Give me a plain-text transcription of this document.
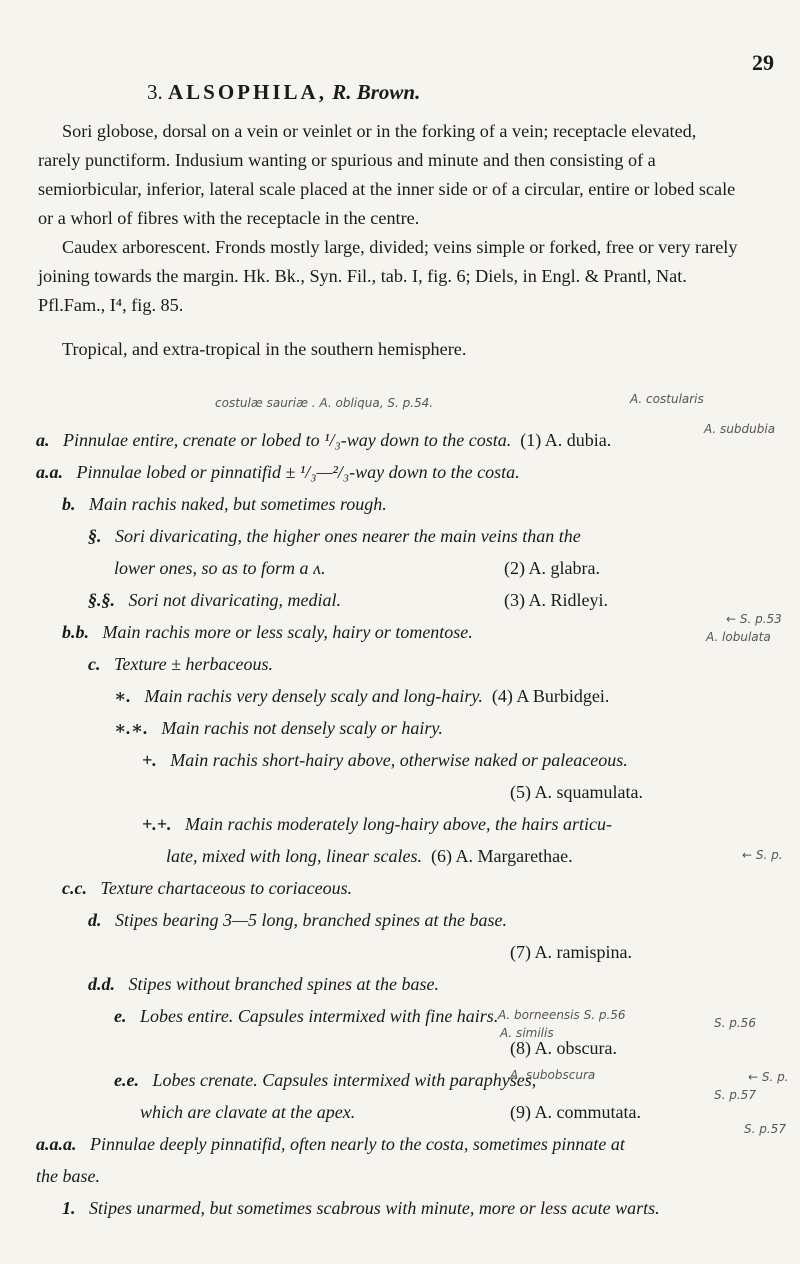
29
3. ALSOPHILA, R. Brown.
Sori globose, dorsal on a vein or veinlet or in the forking of a vein; receptacle elevated, rarely punctiform. Indusium wanting or spurious and minute and then consisting of a semiorbicular, inferior, lateral scale placed at the inner side or of a circular, entire or lobed scale or a whorl of fibres with the receptacle in the centre.
Caudex arborescent. Fronds mostly large, divided; veins simple or forked, free or very rarely joining towards the margin. Hk. Bk., Syn. Fil., tab. I, fig. 6; Diels, in Engl. & Prantl, Nat. Pfl.Fam., I⁴, fig. 85.
Tropical, and extra-tropical in the southern hemisphere.
costulæ sauriæ . A. obliqua, S. p.54.	A. costularis
A. subdubia
← S. p.53
A. lobulata
← S. p.
A. borneensis S. p.56
A. similis
S. p.56
A. subobscura	← S. p.
S. p.57
S. p.57
a. Pinnulae entire, crenate or lobed to ¹/₃-way down to the costa. (1) A. dubia.
a.a. Pinnulae lobed or pinnatifid ± ¹/₃—²/₃-way down to the costa.
b. Main rachis naked, but sometimes rough.
§. Sori divaricating, the higher ones nearer the main veins than the
lower ones, so as to form a ʌ.	(2) A. glabra.
§.§. Sori not divaricating, medial.	(3) A. Ridleyi.
b.b. Main rachis more or less scaly, hairy or tomentose.
c. Texture ± herbaceous.
∗. Main rachis very densely scaly and long-hairy. (4) A Burbidgei.
∗.∗. Main rachis not densely scaly or hairy.
+. Main rachis short-hairy above, otherwise naked or paleaceous.
(5) A. squamulata.
+.+. Main rachis moderately long-hairy above, the hairs articu-
late, mixed with long, linear scales. (6) A. Margarethae.
c.c. Texture chartaceous to coriaceous.
d. Stipes bearing 3—5 long, branched spines at the base.
(7) A. ramispina.
d.d. Stipes without branched spines at the base.
e. Lobes entire. Capsules intermixed with fine hairs.
(8) A. obscura.
e.e. Lobes crenate. Capsules intermixed with paraphyses,
which are clavate at the apex.	(9) A. commutata.
a.a.a. Pinnulae deeply pinnatifid, often nearly to the costa, sometimes pinnate at
the base.
1. Stipes unarmed, but sometimes scabrous with minute, more or less acute warts.
